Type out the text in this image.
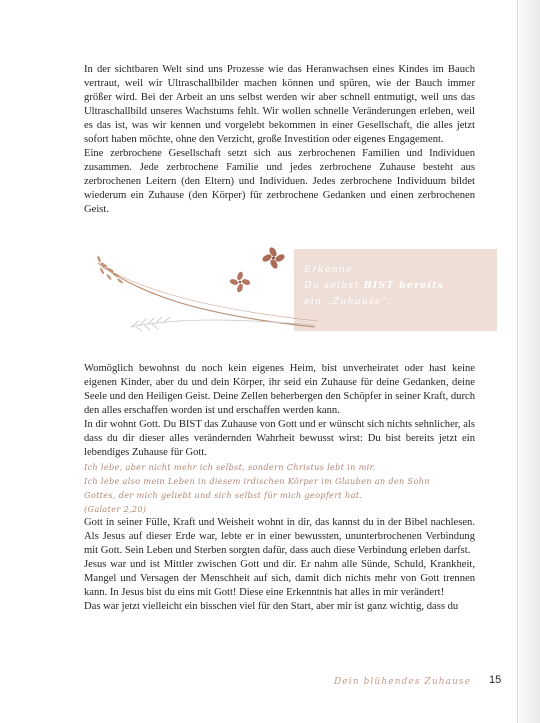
In der sichtbaren Welt sind uns Prozesse wie das Heranwachsen eines Kindes im Bauch vertraut, weil wir Ultraschallbilder machen können und spüren, wie der Bauch immer größer wird. Bei der Arbeit an uns selbst werden wir aber schnell entmutigt, weil uns das Ultraschallbild unseres Wachstums fehlt. Wir wollen schnelle Veränderungen erleben, weil es das ist, was wir kennen und vorgelebt bekommen in einer Gesellschaft, die alles jetzt sofort haben möchte, ohne den Verzicht, große Investition oder eigenes Engagement.

Eine zerbrochene Gesellschaft setzt sich aus zerbrochenen Familien und Individuen zusammen. Jede zerbrochene Familie und jedes zerbrochene Zuhause besteht aus zerbrochenen Leitern (den Eltern) und Individuen. Jedes zerbrochene Individuum bildet wiederum ein Zuhause (den Körper) für zerbrochene Gedanken und einen zerbrochenen Geist.

Erkenne:
Du selbst BIST bereits
ein „Zuhause“.

Womöglich bewohnst du noch kein eigenes Heim, bist unverheiratet oder hast keine eigenen Kinder, aber du und dein Körper, ihr seid ein Zuhause für deine Gedanken, deine Seele und den Heiligen Geist. Deine Zellen beherbergen den Schöpfer in seiner Kraft, durch den alles erschaffen worden ist und erschaffen werden kann.

In dir wohnt Gott. Du BIST das Zuhause von Gott und er wünscht sich nichts sehnlicher, als dass du dir dieser alles verändernden Wahrheit bewusst wirst: Du bist bereits jetzt ein lebendiges Zuhause für Gott.

Ich lebe, aber nicht mehr ich selbst, sondern Christus lebt in mir.
Ich lebe also mein Leben in diesem irdischen Körper im Glauben an den Sohn
Gottes, der mich geliebt und sich selbst für mich geopfert hat.
(Galater 2,20)

Gott in seiner Fülle, Kraft und Weisheit wohnt in dir, das kannst du in der Bibel nachlesen. Als Jesus auf dieser Erde war, lebte er in einer bewussten, ununterbrochenen Verbindung mit Gott. Sein Leben und Sterben sorgten dafür, dass auch diese Verbindung erleben darfst.

Jesus war und ist Mittler zwischen Gott und dir. Er nahm alle Sünde, Schuld, Krankheit, Mangel und Versagen der Menschheit auf sich, damit dich nichts mehr von Gott trennen kann. In Jesus bist du eins mit Gott! Diese eine Erkenntnis hat alles in mir verändert!

Das war jetzt vielleicht ein bisschen viel für den Start, aber mir ist ganz wichtig, dass du

Dein blühendes Zuhause 15
